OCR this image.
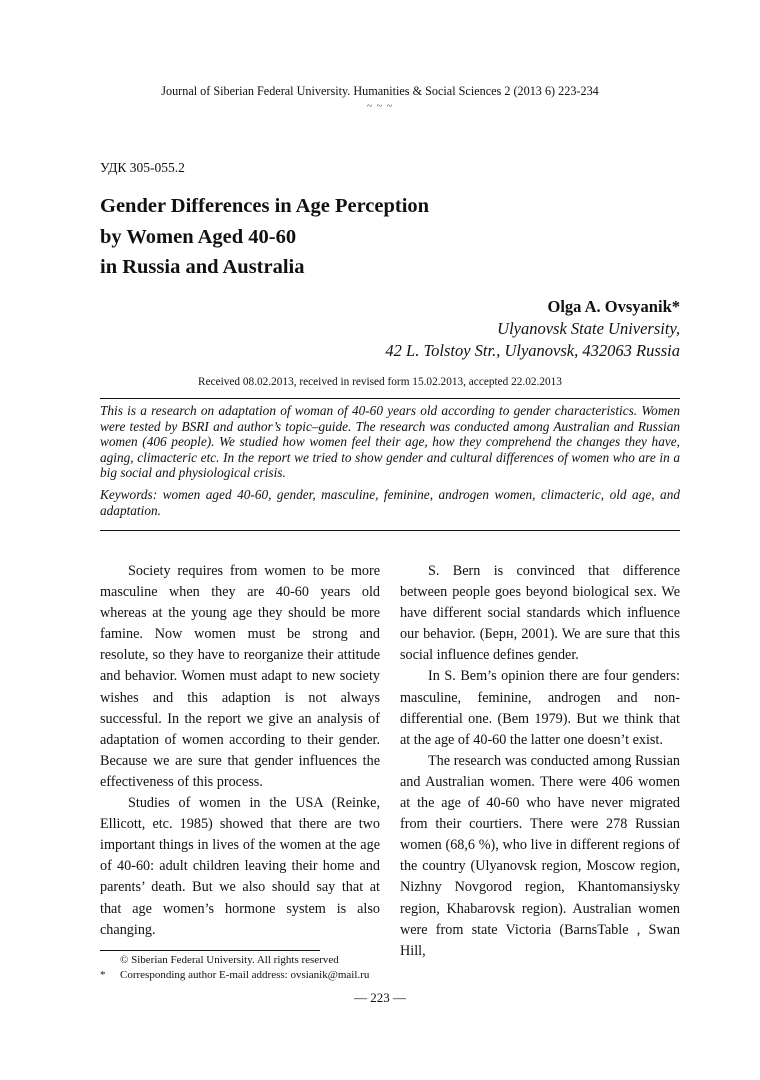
Journal of Siberian Federal University. Humanities & Social Sciences 2 (2013 6) 223-234
~ ~ ~
УДК 305-055.2
Gender Differences in Age Perception
by Women Aged 40-60
in Russia and Australia
Olga A. Ovsyanik*
Ulyanovsk State University,
42 L. Tolstoy Str., Ulyanovsk, 432063 Russia
Received 08.02.2013, received in revised form 15.02.2013, accepted 22.02.2013

This is a research on adaptation of woman of 40-60 years old according to gender characteristics. Women were tested by BSRI and author’s topic–guide. The research was conducted among Australian and Russian women (406 people). We studied how women feel their age, how they comprehend the changes they have, aging, climacteric etc. In the report we tried to show gender and cultural differences of women who are in a big social and physiological crisis.

Keywords: women aged 40-60, gender, masculine, feminine, androgen women, climacteric, old age, and adaptation.

Society requires from women to be more masculine when they are 40-60 years old whereas at the young age they should be more famine. Now women must be strong and resolute, so they have to reorganize their attitude and behavior. Women must adapt to new society wishes and this adaption is not always successful. In the report we give an analysis of adaptation of women according to their gender. Because we are sure that gender influences the effectiveness of this process.

Studies of women in the USA (Reinke, Ellicott, etc. 1985) showed that there are two important things in lives of the women at the age of 40-60: adult children leaving their home and parents’ death. But we also should say that at that age women’s hormone system is also changing.

S. Bern is convinced that difference between people goes beyond biological sex. We have different social standards which influence our behavior. (Берн, 2001). We are sure that this social influence defines gender.

In S. Bem’s opinion there are four genders: masculine, feminine, androgen and non-differential one. (Bem 1979). But we think that at the age of 40-60 the latter one doesn’t exist.

The research was conducted among Russian and Australian women. There were 406 women at the age of 40-60 who have never migrated from their courtiers. There were 278 Russian women (68,6 %), who live in different regions of the country (Ulyanovsk region, Moscow region, Nizhny Novgorod region, Khantomansiysky region, Khabarovsk region). Australian women were from state Victoria (BarnsTable , Swan Hill,

© Siberian Federal University. All rights reserved
* Corresponding author E-mail address: ovsianik@mail.ru
— 223 —
